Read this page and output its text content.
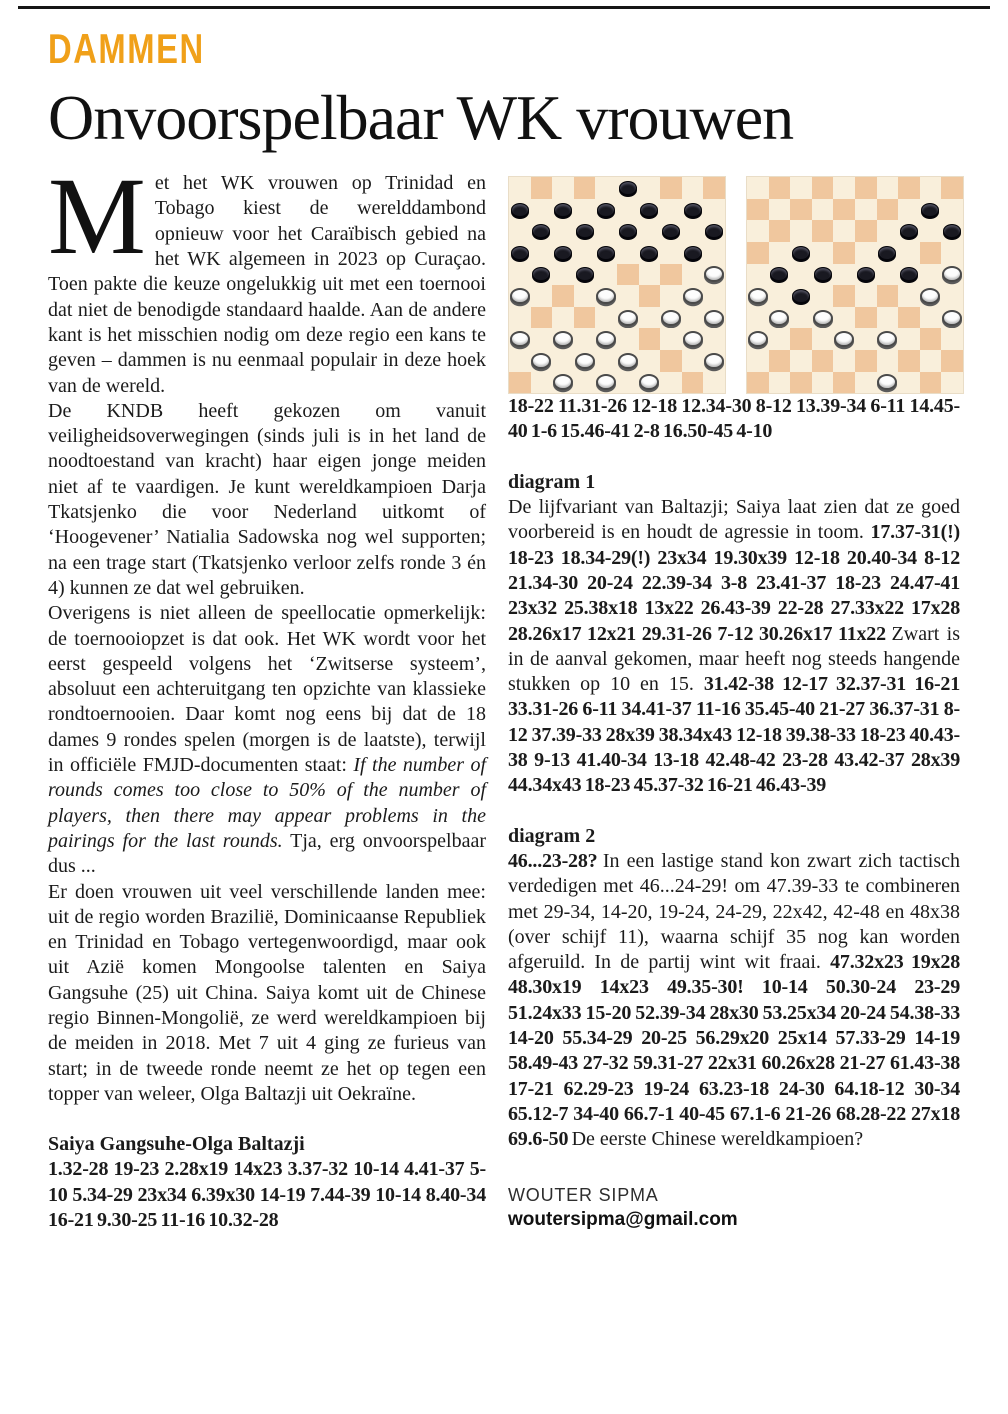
DAMMEN
Onvoorspelbaar WK vrouwen

Met het WK vrouwen op Trinidad en Tobago kiest de werelddambond opnieuw voor het Caraïbisch gebied na het WK algemeen in 2023 op Curaçao. Toen pakte die keuze ongelukkig uit met een toernooi dat niet de benodigde standaard haalde. Aan de andere kant is het misschien nodig om deze regio een kans te geven – dammen is nu eenmaal populair in deze hoek van de wereld.

De KNDB heeft gekozen om vanuit veiligheidsoverwegingen (sinds juli is in het land de noodtoestand van kracht) haar eigen jonge meiden niet af te vaardigen. Je kunt wereldkampioen Darja Tkatsjenko die voor Nederland uitkomt of ‘Hoogevener’ Natialia Sadowska nog wel supporten; na een trage start (Tkatsjenko verloor zelfs ronde 3 én 4) kunnen ze dat wel gebruiken.

Overigens is niet alleen de speellocatie opmerkelijk: de toernooiopzet is dat ook. Het WK wordt voor het eerst gespeeld volgens het ‘Zwitserse systeem’, absoluut een achteruitgang ten opzichte van klassieke rondtoernooien. Daar komt nog eens bij dat de 18 dames 9 rondes spelen (morgen is de laatste), terwijl in officiële FMJD-documenten staat: If the number of rounds comes too close to 50% of the number of players, then there may appear problems in the pairings for the last rounds. Tja, erg onvoorspelbaar dus ...

Er doen vrouwen uit veel verschillende landen mee: uit de regio worden Brazilië, Dominicaanse Republiek en Trinidad en Tobago vertegenwoordigd, maar ook uit Azië komen Mongoolse talenten en Saiya Gangsuhe (25) uit China. Saiya komt uit de Chinese regio Binnen-Mongolië, ze werd wereldkampioen bij de meiden in 2018. Met 7 uit 4 ging ze furieus van start; in de tweede ronde neemt ze het op tegen een topper van weleer, Olga Baltazji uit Oekraïne.

Saiya Gangsuhe-Olga Baltazji

1.32-28 19-23 2.28x19 14x23 3.37-32 10-14 4.41-37 5-10 5.34-29 23x34 6.39x30 14-19 7.44-39 10-14 8.40-34 16-21 9.30-25 11-16 10.32-28

18-22 11.31-26 12-18 12.34-30 8-12 13.39-34 6-11 14.45-40 1-6 15.46-41 2-8 16.50-45 4-10

diagram 1

De lijfvariant van Baltazji; Saiya laat zien dat ze goed voorbereid is en houdt de agressie in toom. 17.37-31(!) 18-23 18.34-29(!) 23x34 19.30x39 12-18 20.40-34 8-12 21.34-30 20-24 22.39-34 3-8 23.41-37 18-23 24.47-41 23x32 25.38x18 13x22 26.43-39 22-28 27.33x22 17x28 28.26x17 12x21 29.31-26 7-12 30.26x17 11x22 Zwart is in de aanval gekomen, maar heeft nog steeds hangende stukken op 10 en 15. 31.42-38 12-17 32.37-31 16-21 33.31-26 6-11 34.41-37 11-16 35.45-40 21-27 36.37-31 8-12 37.39-33 28x39 38.34x43 12-18 39.38-33 18-23 40.43-38 9-13 41.40-34 13-18 42.48-42 23-28 43.42-37 28x39 44.34x43 18-23 45.37-32 16-21 46.43-39

diagram 2

46...23-28? In een lastige stand kon zwart zich tactisch verdedigen met 46...24-29! om 47.39-33 te combineren met 29-34, 14-20, 19-24, 24-29, 22x42, 42-48 en 48x38 (over schijf 11), waarna schijf 35 nog kan worden afgeruild. In de partij wint wit fraai. 47.32x23 19x28 48.30x19 14x23 49.35-30! 10-14 50.30-24 23-29 51.24x33 15-20 52.39-34 28x30 53.25x34 20-24 54.38-33 14-20 55.34-29 20-25 56.29x20 25x14 57.33-29 14-19 58.49-43 27-32 59.31-27 22x31 60.26x28 21-27 61.43-38 17-21 62.29-23 19-24 63.23-18 24-30 64.18-12 30-34 65.12-7 34-40 66.7-1 40-45 67.1-6 21-26 68.28-22 27x18 69.6-50 De eerste Chinese wereldkampioen?

WOUTER SIPMA
woutersipma@gmail.com
